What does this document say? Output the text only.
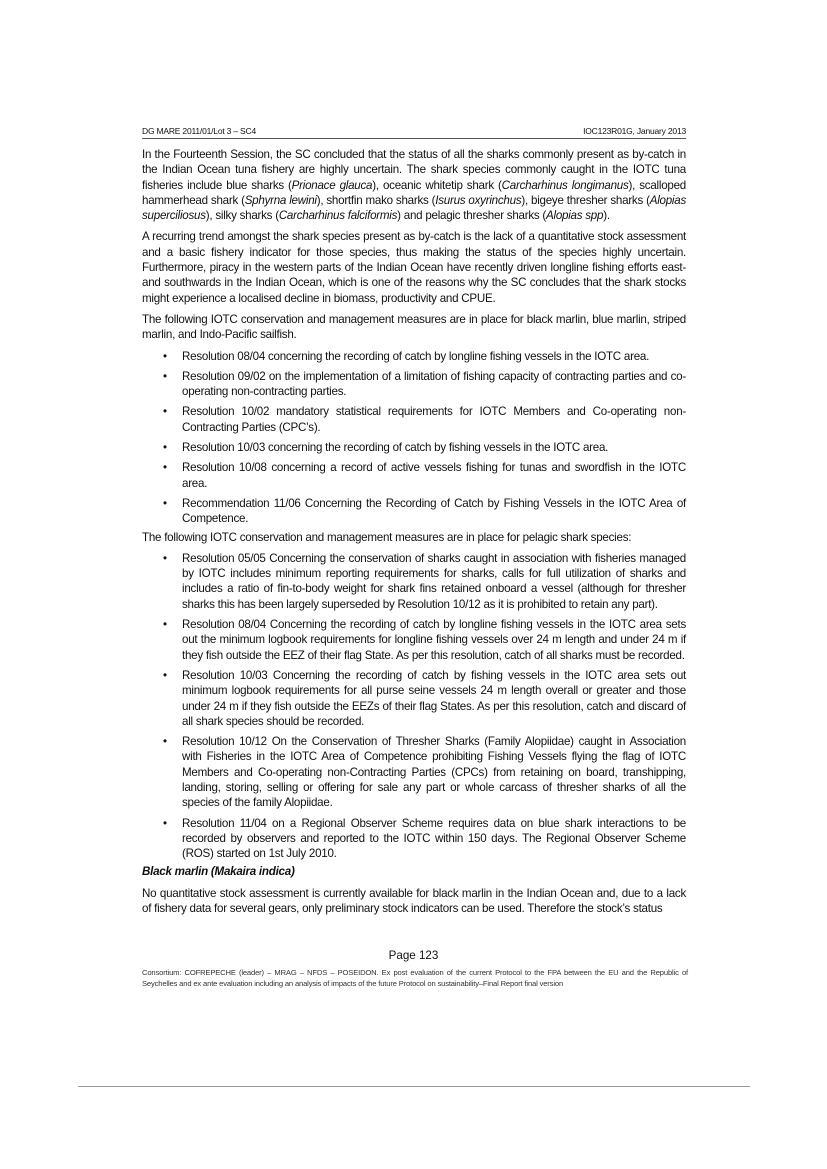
DG MARE 2011/01/Lot 3 – SC4	IOC123R01G, January 2013

In the Fourteenth Session, the SC concluded that the status of all the sharks commonly present as by-catch in the Indian Ocean tuna fishery are highly uncertain. The shark species commonly caught in the IOTC tuna fisheries include blue sharks (Prionace glauca), oceanic whitetip shark (Carcharhinus longimanus), scalloped hammerhead shark (Sphyrna lewini), shortfin mako sharks (Isurus oxyrinchus), bigeye thresher sharks (Alopias superciliosus), silky sharks (Carcharhinus falciformis) and pelagic thresher sharks (Alopias spp).

A recurring trend amongst the shark species present as by-catch is the lack of a quantitative stock assessment and a basic fishery indicator for those species, thus making the status of the species highly uncertain. Furthermore, piracy in the western parts of the Indian Ocean have recently driven longline fishing efforts east- and southwards in the Indian Ocean, which is one of the reasons why the SC concludes that the shark stocks might experience a localised decline in biomass, productivity and CPUE.

The following IOTC conservation and management measures are in place for black marlin, blue marlin, striped marlin, and Indo-Pacific sailfish.

• Resolution 08/04 concerning the recording of catch by longline fishing vessels in the IOTC area.
• Resolution 09/02 on the implementation of a limitation of fishing capacity of contracting parties and co-operating non-contracting parties.
• Resolution 10/02 mandatory statistical requirements for IOTC Members and Co-operating non-Contracting Parties (CPC’s).
• Resolution 10/03 concerning the recording of catch by fishing vessels in the IOTC area.
• Resolution 10/08 concerning a record of active vessels fishing for tunas and swordfish in the IOTC area.
• Recommendation 11/06 Concerning the Recording of Catch by Fishing Vessels in the IOTC Area of Competence.

The following IOTC conservation and management measures are in place for pelagic shark species:

• Resolution 05/05 Concerning the conservation of sharks caught in association with fisheries managed by IOTC includes minimum reporting requirements for sharks, calls for full utilization of sharks and includes a ratio of fin-to-body weight for shark fins retained onboard a vessel (although for thresher sharks this has been largely superseded by Resolution 10/12 as it is prohibited to retain any part).
• Resolution 08/04 Concerning the recording of catch by longline fishing vessels in the IOTC area sets out the minimum logbook requirements for longline fishing vessels over 24 m length and under 24 m if they fish outside the EEZ of their flag State. As per this resolution, catch of all sharks must be recorded.
• Resolution 10/03 Concerning the recording of catch by fishing vessels in the IOTC area sets out minimum logbook requirements for all purse seine vessels 24 m length overall or greater and those under 24 m if they fish outside the EEZs of their flag States. As per this resolution, catch and discard of all shark species should be recorded.
• Resolution 10/12 On the Conservation of Thresher Sharks (Family Alopiidae) caught in Association with Fisheries in the IOTC Area of Competence prohibiting Fishing Vessels flying the flag of IOTC Members and Co-operating non-Contracting Parties (CPCs) from retaining on board, transhipping, landing, storing, selling or offering for sale any part or whole carcass of thresher sharks of all the species of the family Alopiidae.
• Resolution 11/04 on a Regional Observer Scheme requires data on blue shark interactions to be recorded by observers and reported to the IOTC within 150 days. The Regional Observer Scheme (ROS) started on 1st July 2010.
Black marlin (Makaira indica)

No quantitative stock assessment is currently available for black marlin in the Indian Ocean and, due to a lack of fishery data for several gears, only preliminary stock indicators can be used. Therefore the stock’s status

Page 123
Consortium: COFREPECHE (leader) – MRAG – NFDS – POSEIDON. Ex post evaluation of the current Protocol to the FPA between the EU and the Republic of Seychelles and ex ante evaluation including an analysis of impacts of the future Protocol on sustainability–Final Report final version
